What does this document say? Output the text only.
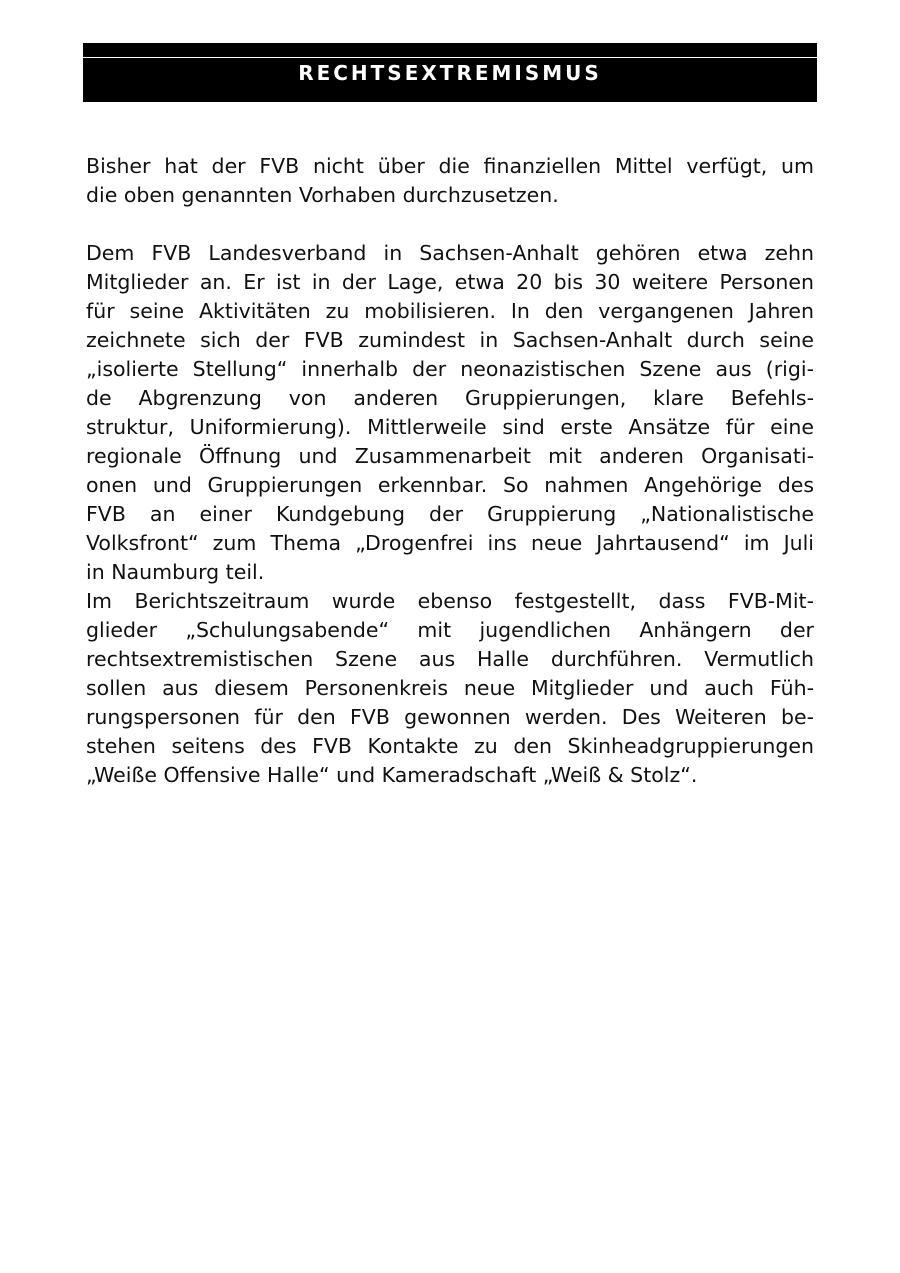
RECHTSEXTREMISMUS

Bisher hat der FVB nicht über die finanziellen Mittel verfügt, um
die oben genannten Vorhaben durchzusetzen.

Dem FVB Landesverband in Sachsen-Anhalt gehören etwa zehn
Mitglieder an. Er ist in der Lage, etwa 20 bis 30 weitere Personen
für seine Aktivitäten zu mobilisieren. In den vergangenen Jahren
zeichnete sich der FVB zumindest in Sachsen-Anhalt durch seine
„isolierte Stellung“ innerhalb der neonazistischen Szene aus (rigi-
de Abgrenzung von anderen Gruppierungen, klare Befehls-
struktur, Uniformierung). Mittlerweile sind erste Ansätze für eine
regionale Öffnung und Zusammenarbeit mit anderen Organisati-
onen und Gruppierungen erkennbar. So nahmen Angehörige des
FVB an einer Kundgebung der Gruppierung „Nationalistische
Volksfront“ zum Thema „Drogenfrei ins neue Jahrtausend“ im Juli
in Naumburg teil.

Im Berichtszeitraum wurde ebenso festgestellt, dass FVB-Mit-
glieder „Schulungsabende“ mit jugendlichen Anhängern der
rechtsextremistischen Szene aus Halle durchführen. Vermutlich
sollen aus diesem Personenkreis neue Mitglieder und auch Füh-
rungspersonen für den FVB gewonnen werden. Des Weiteren be-
stehen seitens des FVB Kontakte zu den Skinheadgruppierungen
„Weiße Offensive Halle“ und Kameradschaft „Weiß & Stolz“.
